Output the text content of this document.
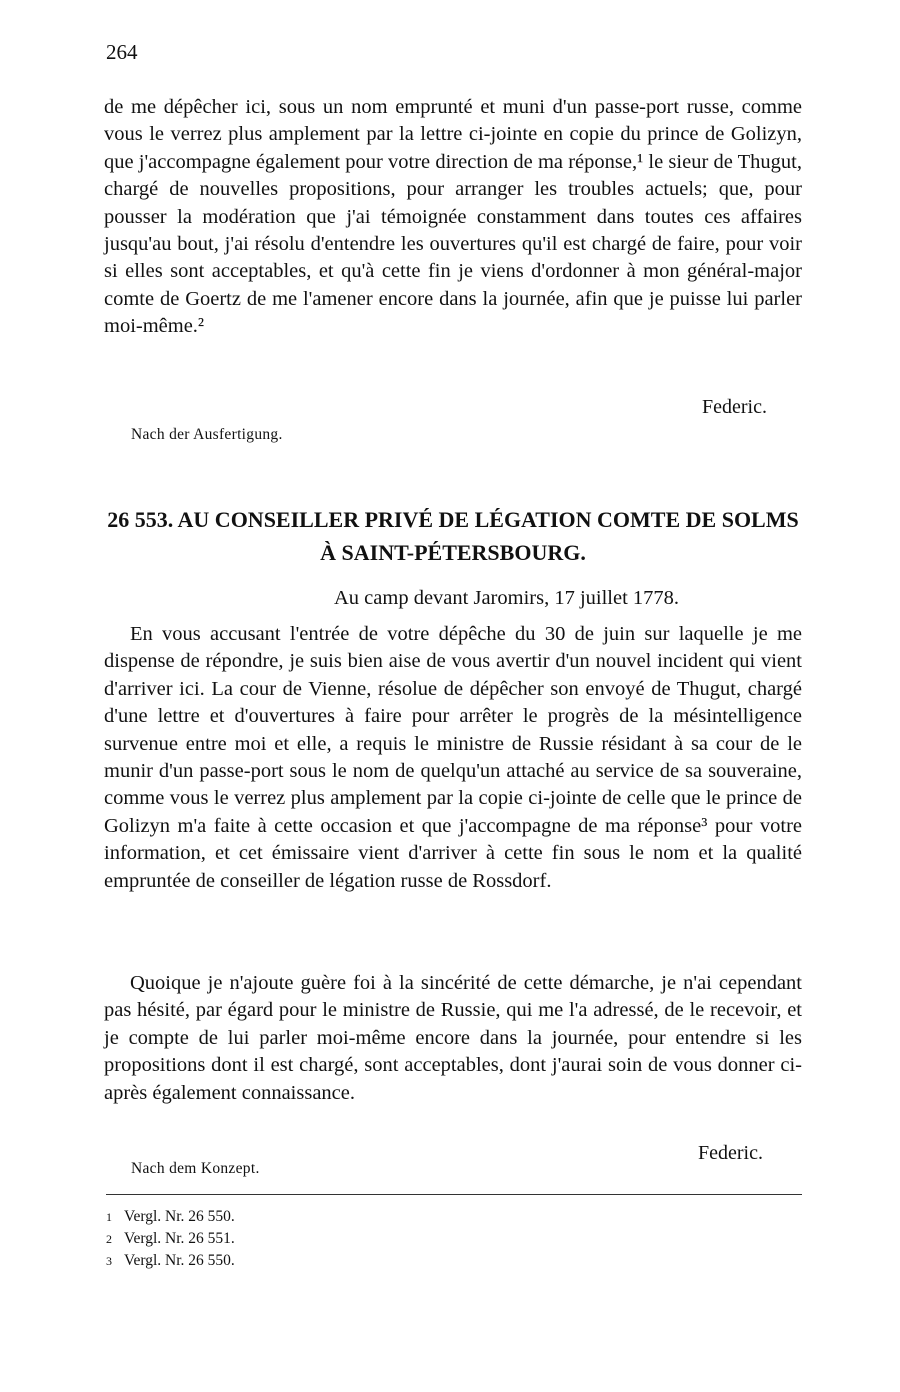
264

de me dépêcher ici, sous un nom emprunté et muni d'un passe-port russe, comme vous le verrez plus amplement par la lettre ci-jointe en copie du prince de Golizyn, que j'accompagne également pour votre direction de ma réponse,¹ le sieur de Thugut, chargé de nouvelles propositions, pour arranger les troubles actuels; que, pour pousser la modération que j'ai témoignée constamment dans toutes ces affaires jusqu'au bout, j'ai résolu d'entendre les ouvertures qu'il est chargé de faire, pour voir si elles sont acceptables, et qu'à cette fin je viens d'ordonner à mon général-major comte de Goertz de me l'amener encore dans la journée, afin que je puisse lui parler moi-même.²

Federic.
Nach der Ausfertigung.
26 553. AU CONSEILLER PRIVÉ DE LÉGATION COMTE DE SOLMS À SAINT-PÉTERSBOURG.
Au camp devant Jaromirs, 17 juillet 1778.

En vous accusant l'entrée de votre dépêche du 30 de juin sur laquelle je me dispense de répondre, je suis bien aise de vous avertir d'un nouvel incident qui vient d'arriver ici. La cour de Vienne, résolue de dépêcher son envoyé de Thugut, chargé d'une lettre et d'ouvertures à faire pour arrêter le progrès de la mésintelligence survenue entre moi et elle, a requis le ministre de Russie résidant à sa cour de le munir d'un passe-port sous le nom de quelqu'un attaché au service de sa souveraine, comme vous le verrez plus amplement par la copie ci-jointe de celle que le prince de Golizyn m'a faite à cette occasion et que j'accompagne de ma réponse³ pour votre information, et cet émissaire vient d'arriver à cette fin sous le nom et la qualité empruntée de conseiller de légation russe de Rossdorf.

Quoique je n'ajoute guère foi à la sincérité de cette démarche, je n'ai cependant pas hésité, par égard pour le ministre de Russie, qui me l'a adressé, de le recevoir, et je compte de lui parler moi-même encore dans la journée, pour entendre si les propositions dont il est chargé, sont acceptables, dont j'aurai soin de vous donner ci-après également connaissance.

Federic.
Nach dem Konzept.
1 Vergl. Nr. 26 550.
2 Vergl. Nr. 26 551.
3 Vergl. Nr. 26 550.
